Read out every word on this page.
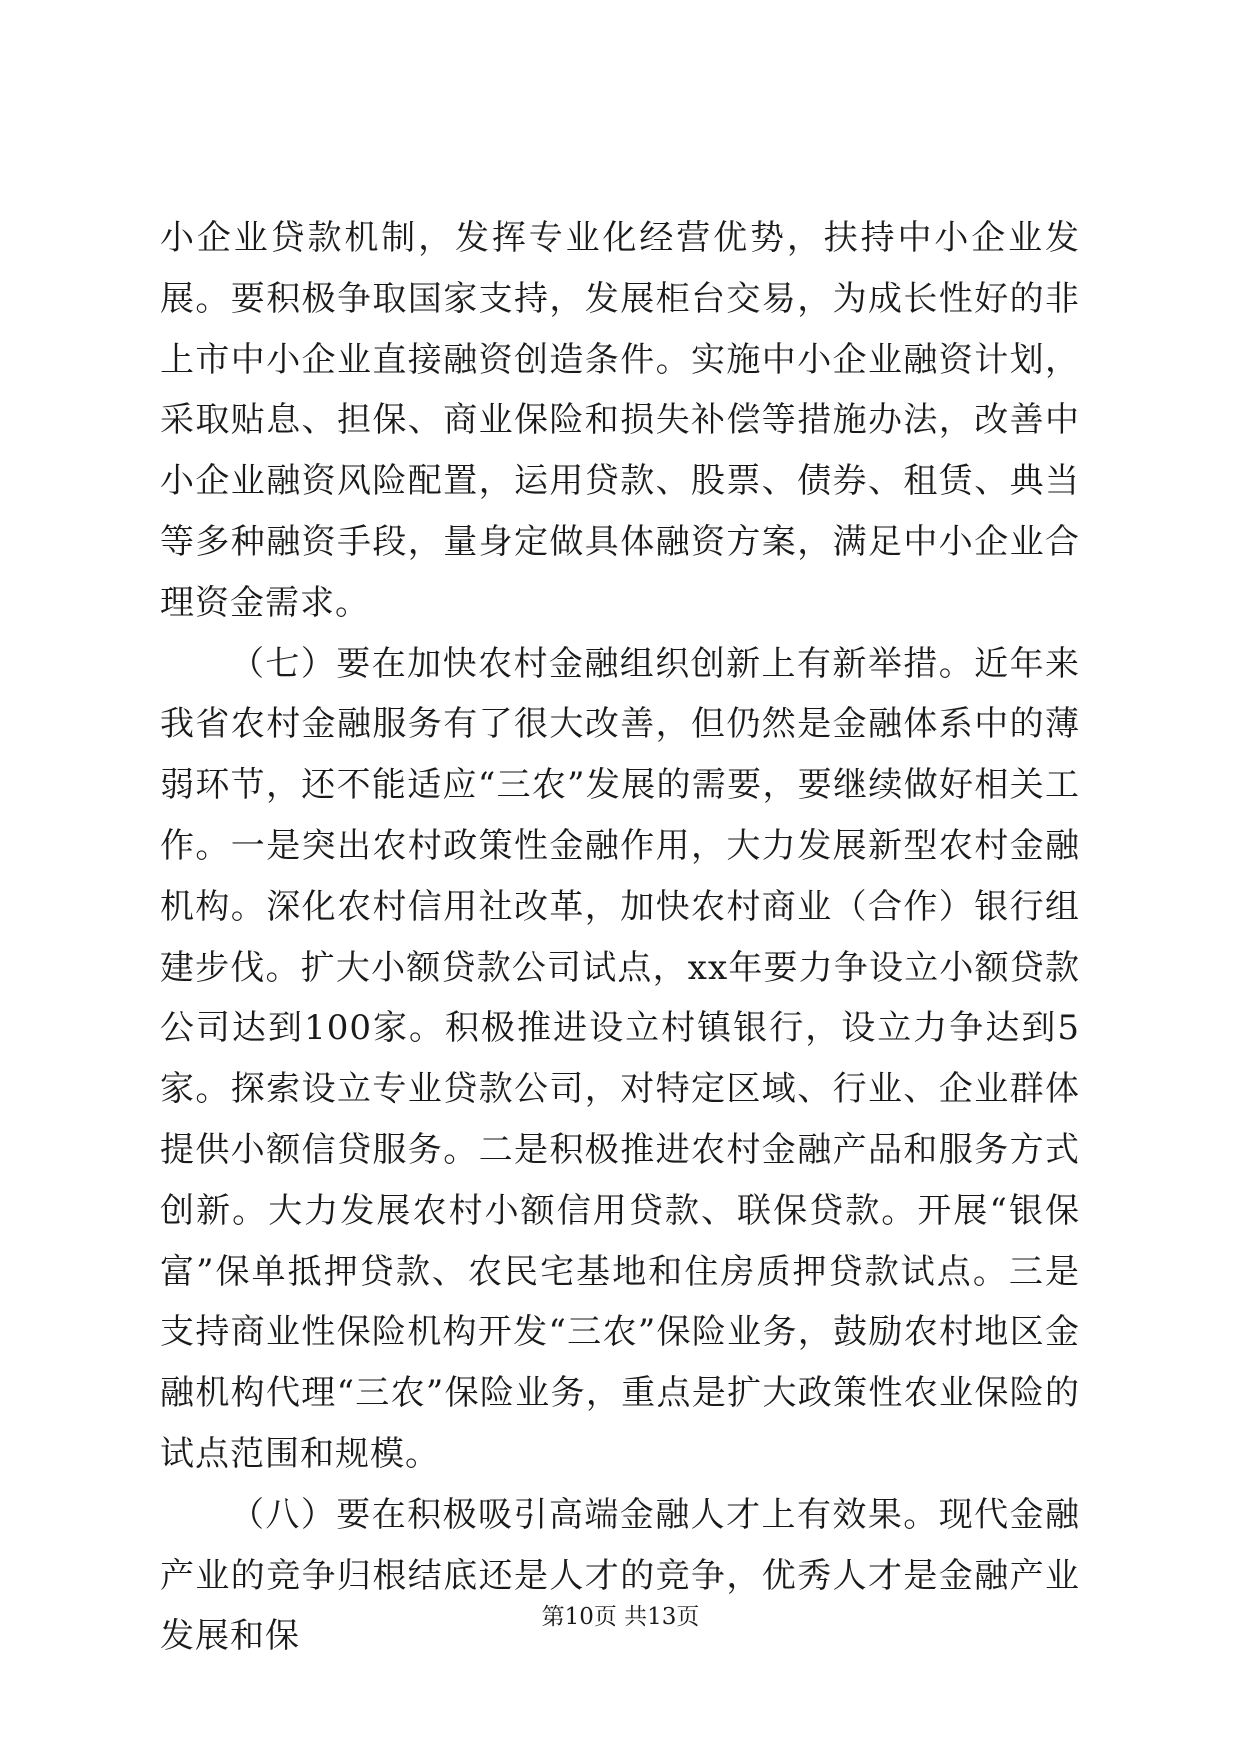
小企业贷款机制，发挥专业化经营优势，扶持中小企业发展。要积极争取国家支持，发展柜台交易，为成长性好的非上市中小企业直接融资创造条件。实施中小企业融资计划，采取贴息、担保、商业保险和损失补偿等措施办法，改善中小企业融资风险配置，运用贷款、股票、债券、租赁、典当等多种融资手段，量身定做具体融资方案，满足中小企业合理资金需求。

（七）要在加快农村金融组织创新上有新举措。近年来我省农村金融服务有了很大改善，但仍然是金融体系中的薄弱环节，还不能适应“三农”发展的需要，要继续做好相关工作。一是突出农村政策性金融作用，大力发展新型农村金融机构。深化农村信用社改革，加快农村商业（合作）银行组建步伐。扩大小额贷款公司试点，xx年要力争设立小额贷款公司达到100家。积极推进设立村镇银行，设立力争达到5家。探索设立专业贷款公司，对特定区域、行业、企业群体提供小额信贷服务。二是积极推进农村金融产品和服务方式创新。大力发展农村小额信用贷款、联保贷款。开展“银保富”保单抵押贷款、农民宅基地和住房质押贷款试点。三是支持商业性保险机构开发“三农”保险业务，鼓励农村地区金融机构代理“三农”保险业务，重点是扩大政策性农业保险的试点范围和规模。

（八）要在积极吸引高端金融人才上有效果。现代金融产业的竞争归根结底还是人才的竞争，优秀人才是金融产业发展和保	第10页 共13页
